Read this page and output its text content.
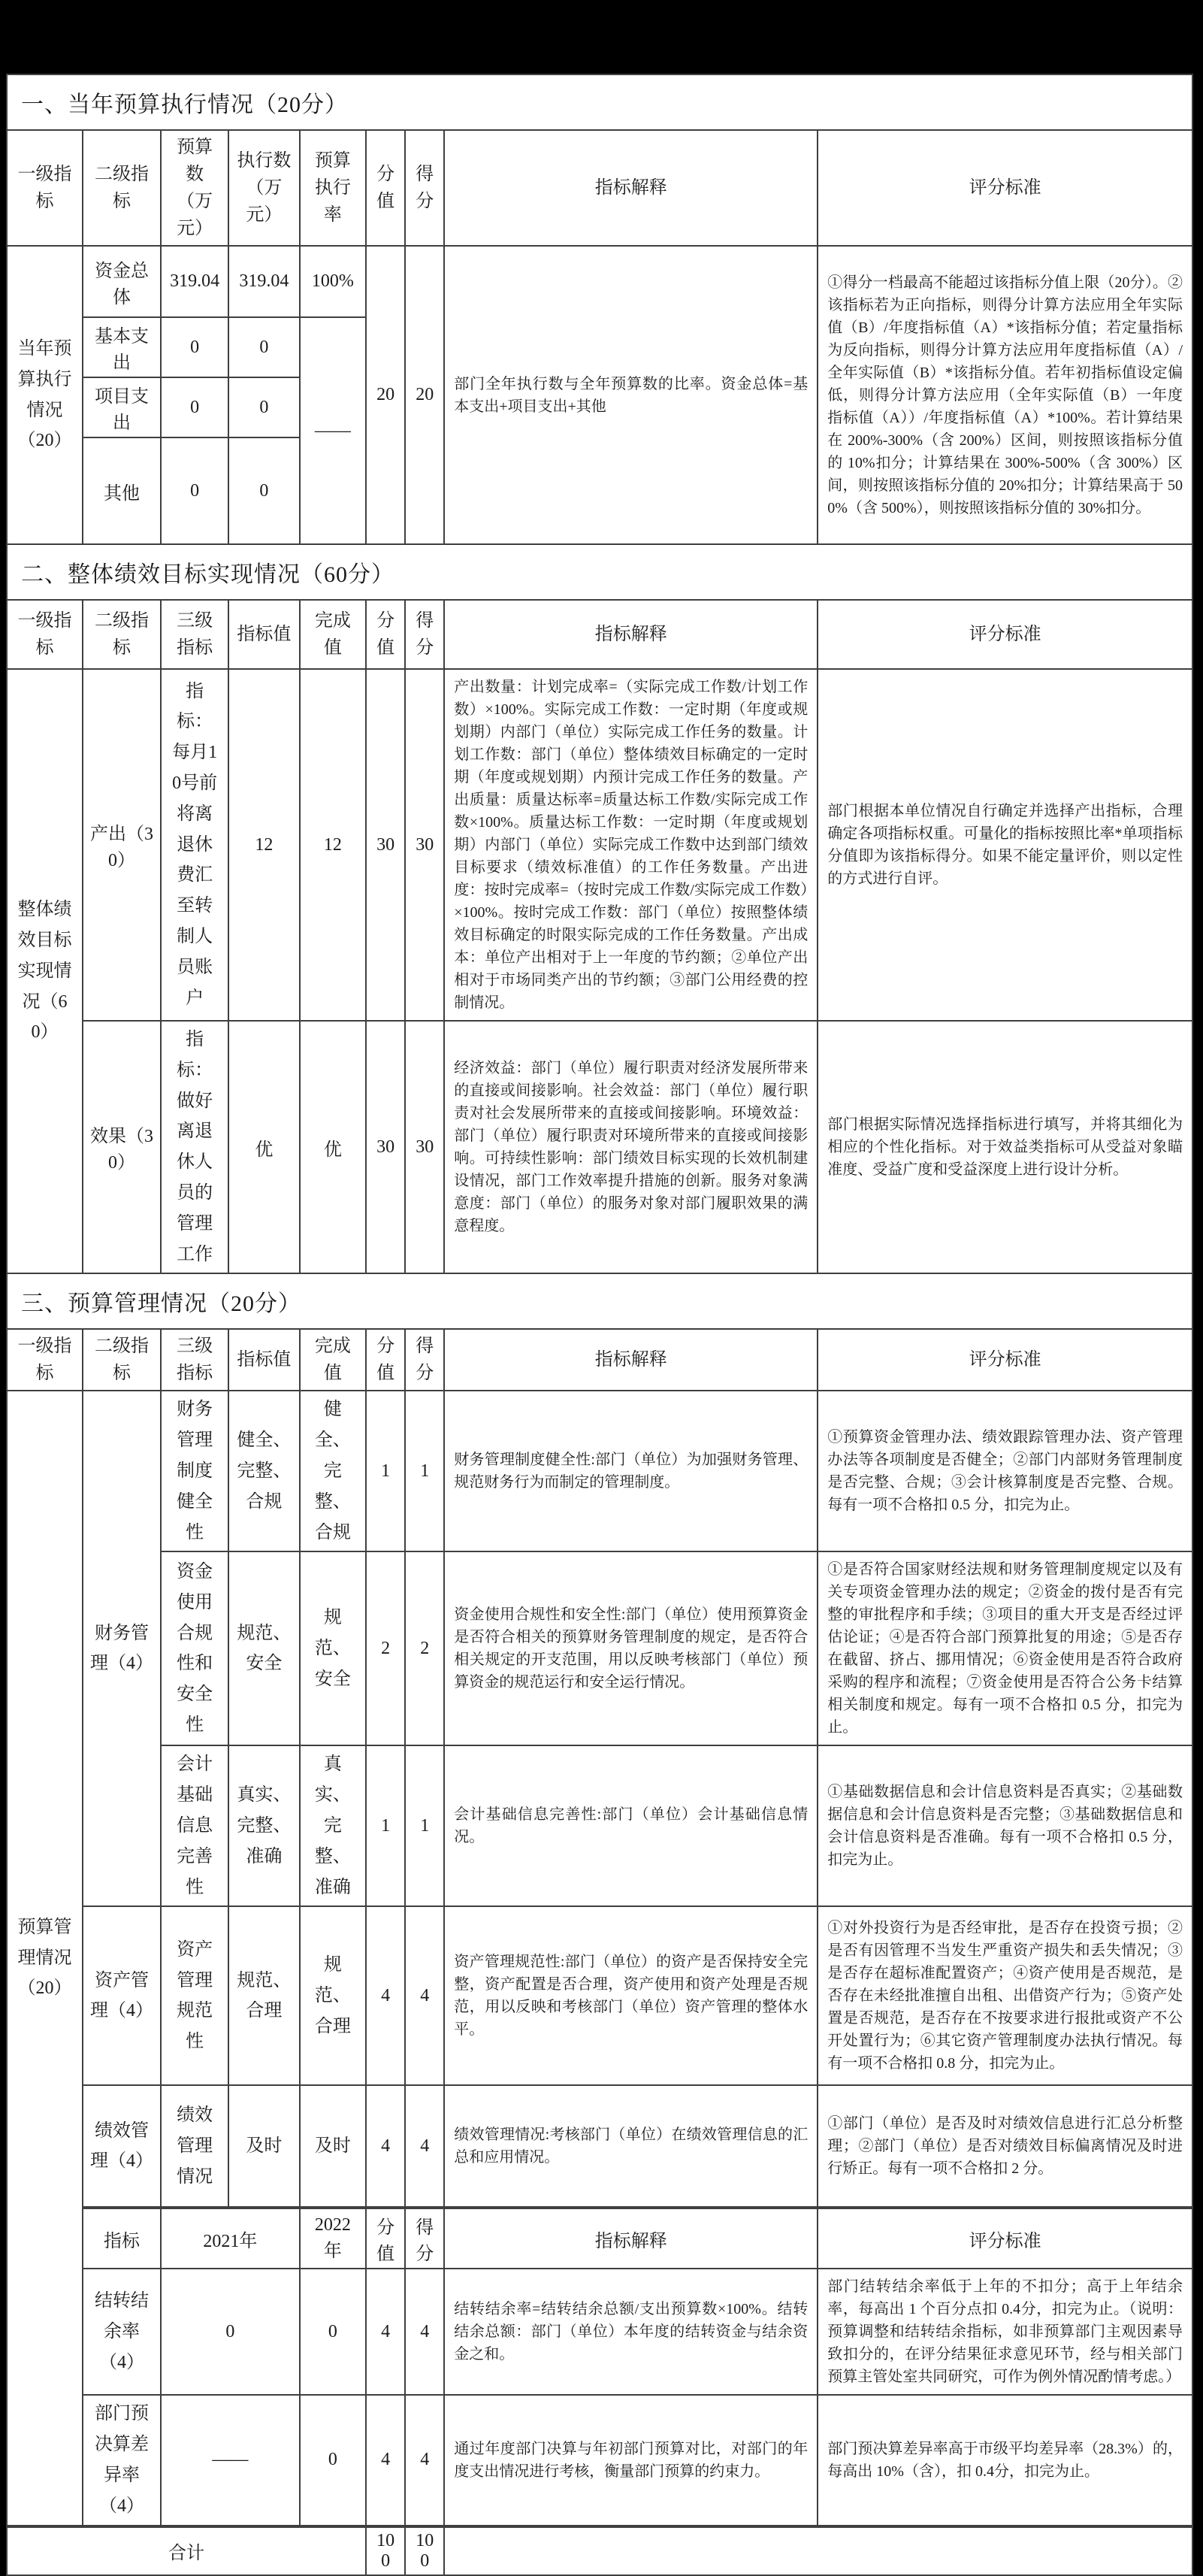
一、当年预算执行情况（20分）
一级指标	二级指标	预算数（万元）	执行数（万元）	预算执行率	分值	得分	指标解释	评分标准
当年预算执行情况（20）	资金总体	319.04	319.04	100%	20	20	部门全年执行数与全年预算数的比率。资金总体=基本支出+项目支出+其他	①得分一档最高不能超过该指标分值上限（20分）。②该指标若为正向指标，则得分计算方法应用全年实际值（B）/年度指标值（A）*该指标分值；若定量指标为反向指标，则得分计算方法应用年度指标值（A）/全年实际值（B）*该指标分值。若年初指标值设定偏低，则得分计算方法应用（全年实际值（B）一年度指标值（A））/年度指标值（A）*100%。若计算结果在 200%-300%（含 200%）区间，则按照该指标分值的 10%扣分；计算结果在 300%-500%（含 300%）区间，则按照该指标分值的 20%扣分；计算结果高于 500%（含 500%），则按照该指标分值的 30%扣分。
	基本支出	0	0	——				
	项目支出	0	0					
	其他	0	0					
二、整体绩效目标实现情况（60分）
一级指标	二级指标	三级指标	指标值	完成值	分值	得分	指标解释	评分标准
整体绩效目标实现情况（60）	产出（30）	指标：每月10号前将离退休费汇至转制人员账户	12	12	30	30	产出数量：计划完成率=（实际完成工作数/计划工作数）×100%。实际完成工作数：一定时期（年度或规划期）内部门（单位）实际完成工作任务的数量。计划工作数：部门（单位）整体绩效目标确定的一定时期（年度或规划期）内预计完成工作任务的数量。产出质量：质量达标率=质量达标工作数/实际完成工作数×100%。质量达标工作数：一定时期（年度或规划期）内部门（单位）实际完成工作数中达到部门绩效目标要求（绩效标准值）的工作任务数量。产出进度：按时完成率=（按时完成工作数/实际完成工作数）×100%。按时完成工作数：部门（单位）按照整体绩效目标确定的时限实际完成的工作任务数量。产出成本：单位产出相对于上一年度的节约额；②单位产出相对于市场同类产出的节约额；③部门公用经费的控制情况。	部门根据本单位情况自行确定并选择产出指标，合理确定各项指标权重。可量化的指标按照比率*单项指标分值即为该指标得分。如果不能定量评价，则以定性的方式进行自评。
	效果（30）	指标：做好离退休人员的管理工作	优	优	30	30	经济效益：部门（单位）履行职责对经济发展所带来的直接或间接影响。社会效益：部门（单位）履行职责对社会发展所带来的直接或间接影响。环境效益：部门（单位）履行职责对环境所带来的直接或间接影响。可持续性影响：部门绩效目标实现的长效机制建设情况，部门工作效率提升措施的创新。服务对象满意度：部门（单位）的服务对象对部门履职效果的满意程度。	部门根据实际情况选择指标进行填写，并将其细化为相应的个性化指标。对于效益类指标可从受益对象瞄准度、受益广度和受益深度上进行设计分析。
三、预算管理情况（20分）
一级指标	二级指标	三级指标	指标值	完成值	分值	得分	指标解释	评分标准
预算管理情况（20）	财务管理（4）	财务管理制度健全性	健全、完整、合规	健全、完整、合规	1	1	财务管理制度健全性:部门（单位）为加强财务管理、规范财务行为而制定的管理制度。	①预算资金管理办法、绩效跟踪管理办法、资产管理办法等各项制度是否健全；②部门内部财务管理制度是否完整、合规；③会计核算制度是否完整、合规。每有一项不合格扣 0.5 分，扣完为止。
		资金使用合规性和安全性	规范、安全	规范、安全	2	2	资金使用合规性和安全性:部门（单位）使用预算资金是否符合相关的预算财务管理制度的规定，是否符合相关规定的开支范围，用以反映考核部门（单位）预算资金的规范运行和安全运行情况。	①是否符合国家财经法规和财务管理制度规定以及有关专项资金管理办法的规定；②资金的拨付是否有完整的审批程序和手续；③项目的重大开支是否经过评估论证；④是否符合部门预算批复的用途；⑤是否存在截留、挤占、挪用情况；⑥资金使用是否符合政府采购的程序和流程；⑦资金使用是否符合公务卡结算相关制度和规定。每有一项不合格扣 0.5 分，扣完为止。
		会计基础信息完善性	真实、完整、准确	真实、完整、准确	1	1	会计基础信息完善性:部门（单位）会计基础信息情况。	①基础数据信息和会计信息资料是否真实；②基础数据信息和会计信息资料是否完整；③基础数据信息和会计信息资料是否准确。每有一项不合格扣 0.5 分，扣完为止。
	资产管理（4）	资产管理规范性	规范、合理	规范、合理	4	4	资产管理规范性:部门（单位）的资产是否保持安全完整，资产配置是否合理，资产使用和资产处理是否规范，用以反映和考核部门（单位）资产管理的整体水平。	①对外投资行为是否经审批，是否存在投资亏损；②是否有因管理不当发生严重资产损失和丢失情况；③是否存在超标准配置资产；④资产使用是否规范，是否存在未经批准擅自出租、出借资产行为；⑤资产处置是否规范，是否存在不按要求进行报批或资产不公开处置行为；⑥其它资产管理制度办法执行情况。每有一项不合格扣 0.8 分，扣完为止。
	绩效管理（4）	绩效管理情况	及时	及时	4	4	绩效管理情况:考核部门（单位）在绩效管理信息的汇总和应用情况。	①部门（单位）是否及时对绩效信息进行汇总分析整理；②部门（单位）是否对绩效目标偏离情况及时进行矫正。每有一项不合格扣 2 分。
	指标	2021年		2022年	分值	得分	指标解释	评分标准
	结转结余率（4）	0		0	4	4	结转结余率=结转结余总额/支出预算数×100%。结转结余总额：部门（单位）本年度的结转资金与结余资金之和。	部门结转结余率低于上年的不扣分；高于上年结余率，每高出 1 个百分点扣 0.4分，扣完为止。（说明：预算调整和结转结余指标，如非预算部门主观因素导致扣分的，在评分结果征求意见环节，经与相关部门预算主管处室共同研究，可作为例外情况酌情考虑。）
	部门预决算差异率（4）	——		0	4	4	通过年度部门决算与年初部门预算对比，对部门的年度支出情况进行考核，衡量部门预算的约束力。	部门预决算差异率高于市级平均差异率（28.3%）的，每高出 10%（含），扣 0.4分，扣完为止。
合计					100	100		
